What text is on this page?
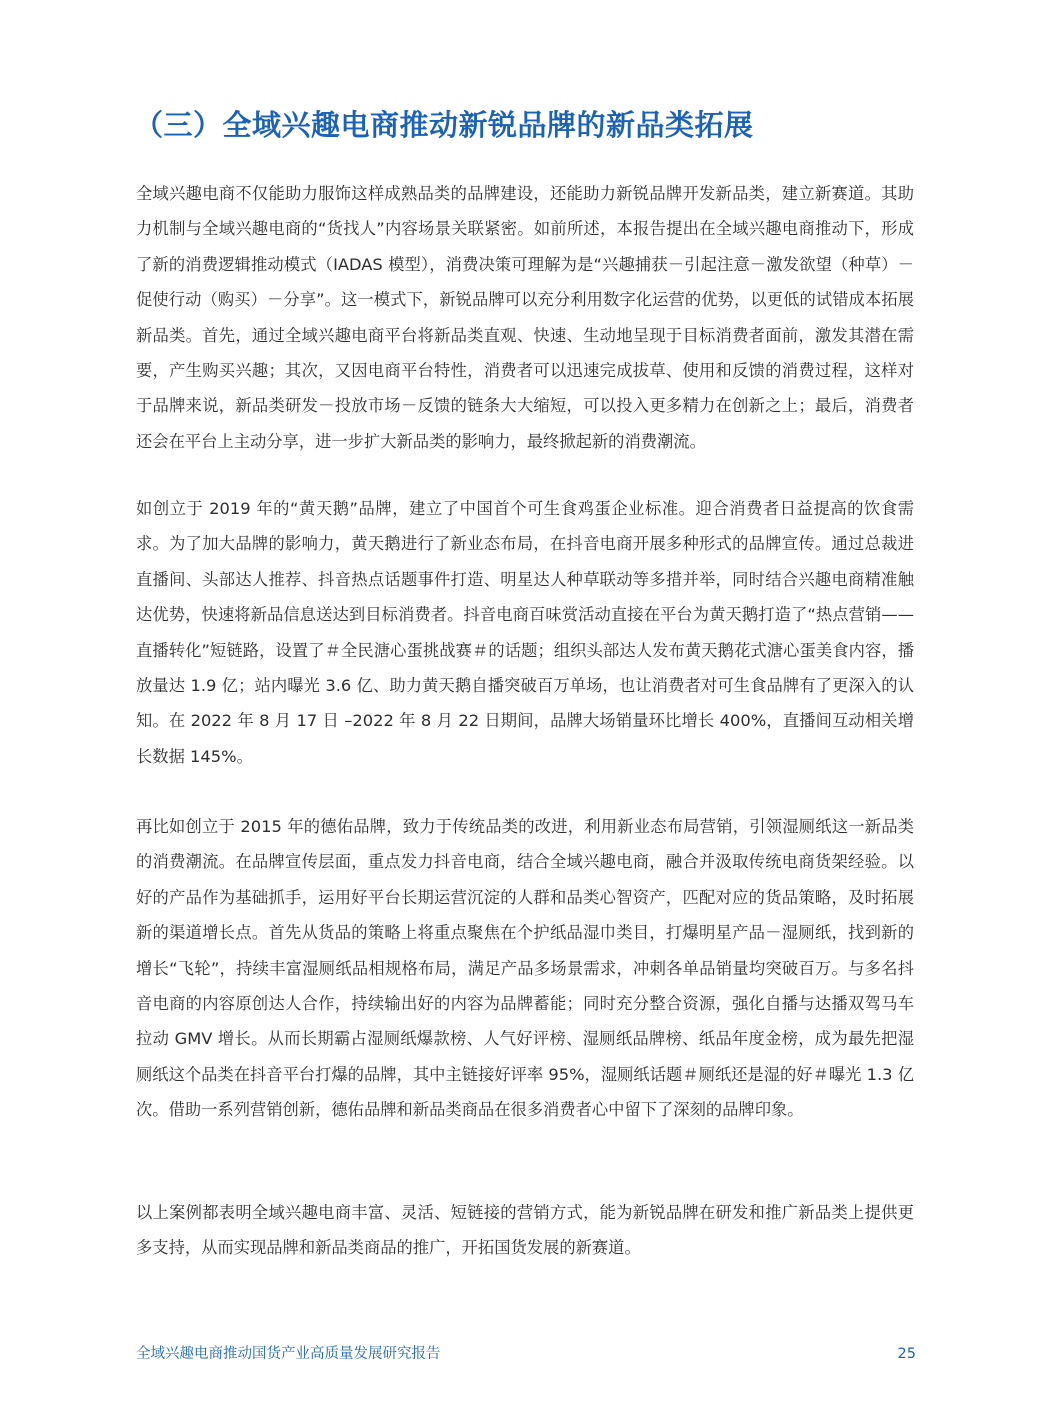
（三）全域兴趣电商推动新锐品牌的新品类拓展

全域兴趣电商不仅能助力服饰这样成熟品类的品牌建设，还能助力新锐品牌开发新品类，建立新赛道。其助力机制与全域兴趣电商的“货找人”内容场景关联紧密。如前所述，本报告提出在全域兴趣电商推动下，形成了新的消费逻辑推动模式（IADAS 模型），消费决策可理解为是“兴趣捕获－引起注意－激发欲望（种草）－促使行动（购买）－分享”。这一模式下，新锐品牌可以充分利用数字化运营的优势，以更低的试错成本拓展新品类。首先，通过全域兴趣电商平台将新品类直观、快速、生动地呈现于目标消费者面前，激发其潜在需要，产生购买兴趣；其次，又因电商平台特性，消费者可以迅速完成拔草、使用和反馈的消费过程，这样对于品牌来说，新品类研发－投放市场－反馈的链条大大缩短，可以投入更多精力在创新之上；最后，消费者还会在平台上主动分享，进一步扩大新品类的影响力，最终掀起新的消费潮流。

如创立于 2019 年的“黄天鹅”品牌，建立了中国首个可生食鸡蛋企业标准。迎合消费者日益提高的饮食需求。为了加大品牌的影响力，黄天鹅进行了新业态布局，在抖音电商开展多种形式的品牌宣传。通过总裁进直播间、头部达人推荐、抖音热点话题事件打造、明星达人种草联动等多措并举，同时结合兴趣电商精准触达优势，快速将新品信息送达到目标消费者。抖音电商百味赏活动直接在平台为黄天鹅打造了“热点营销——直播转化”短链路，设置了＃全民溏心蛋挑战赛＃的话题；组织头部达人发布黄天鹅花式溏心蛋美食内容，播放量达 1.9 亿；站内曝光 3.6 亿、助力黄天鹅自播突破百万单场，也让消费者对可生食品牌有了更深入的认知。在 2022 年 8 月 17 日 –2022 年 8 月 22 日期间，品牌大场销量环比增长 400%，直播间互动相关增长数据 145%。

再比如创立于 2015 年的德佑品牌，致力于传统品类的改进，利用新业态布局营销，引领湿厕纸这一新品类的消费潮流。在品牌宣传层面，重点发力抖音电商，结合全域兴趣电商，融合并汲取传统电商货架经验。以好的产品作为基础抓手，运用好平台长期运营沉淀的人群和品类心智资产，匹配对应的货品策略，及时拓展新的渠道增长点。首先从货品的策略上将重点聚焦在个护纸品湿巾类目，打爆明星产品－湿厕纸，找到新的增长“飞轮”，持续丰富湿厕纸品相规格布局，满足产品多场景需求，冲刺各单品销量均突破百万。与多名抖音电商的内容原创达人合作，持续输出好的内容为品牌蓄能；同时充分整合资源，强化自播与达播双驾马车拉动 GMV 增长。从而长期霸占湿厕纸爆款榜、人气好评榜、湿厕纸品牌榜、纸品年度金榜，成为最先把湿厕纸这个品类在抖音平台打爆的品牌，其中主链接好评率 95%，湿厕纸话题＃厕纸还是湿的好＃曝光 1.3 亿次。借助一系列营销创新，德佑品牌和新品类商品在很多消费者心中留下了深刻的品牌印象。

以上案例都表明全域兴趣电商丰富、灵活、短链接的营销方式，能为新锐品牌在研发和推广新品类上提供更多支持，从而实现品牌和新品类商品的推广，开拓国货发展的新赛道。

全域兴趣电商推动国货产业高质量发展研究报告	25
